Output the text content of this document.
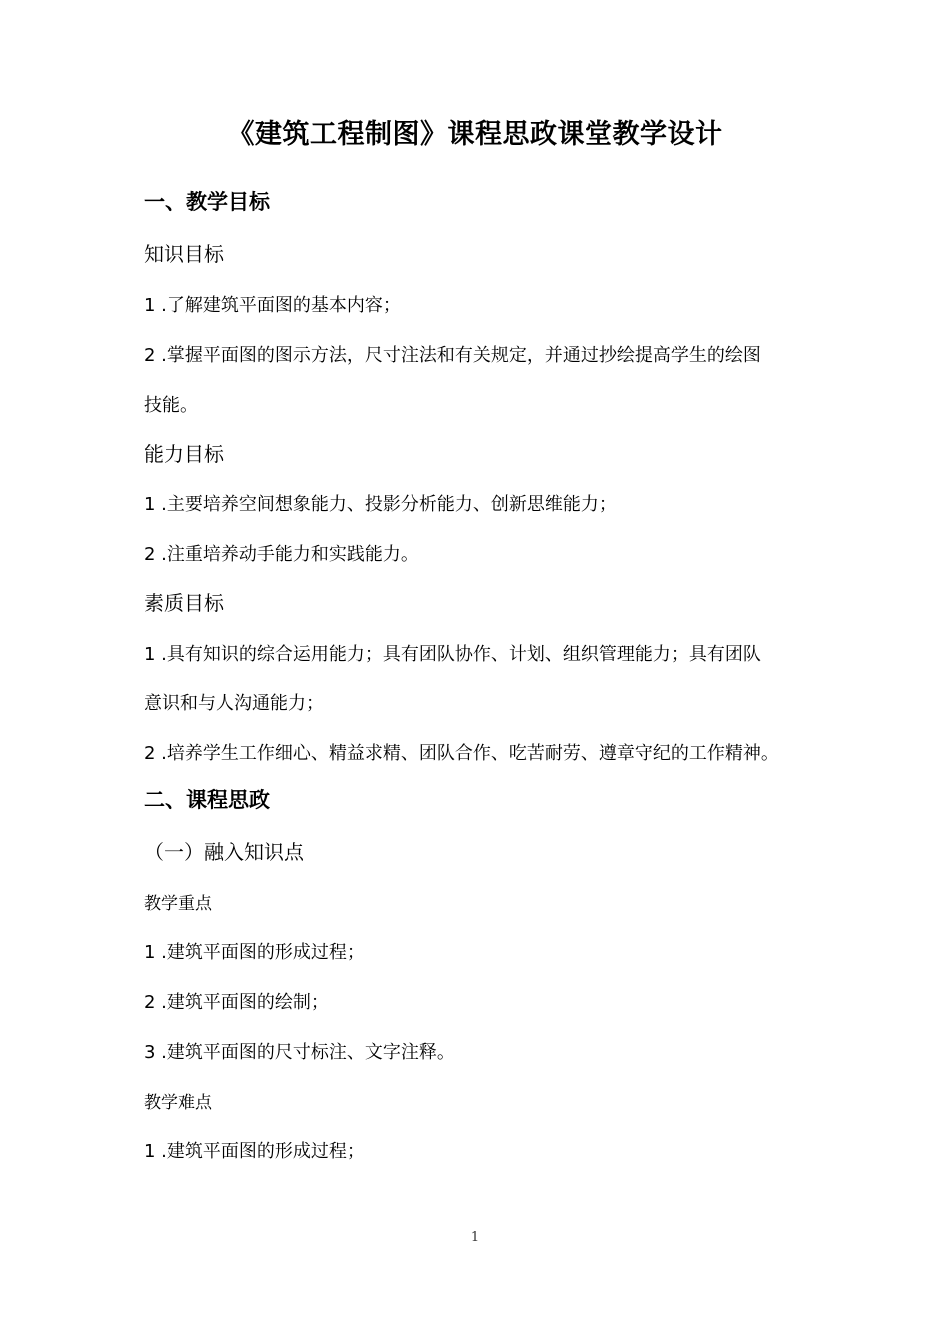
《建筑工程制图》课程思政课堂教学设计
一、教学目标
知识目标
1 .了解建筑平面图的基本内容；
2 .掌握平面图的图示方法，尺寸注法和有关规定，并通过抄绘提高学生的绘图
技能。
能力目标
1 .主要培养空间想象能力、投影分析能力、创新思维能力；
2 .注重培养动手能力和实践能力。
素质目标
1 .具有知识的综合运用能力；具有团队协作、计划、组织管理能力；具有团队
意识和与人沟通能力；
2 .培养学生工作细心、精益求精、团队合作、吃苦耐劳、遵章守纪的工作精神。
二、课程思政
（一）融入知识点
教学重点
1 .建筑平面图的形成过程；
2 .建筑平面图的绘制；
3 .建筑平面图的尺寸标注、文字注释。
教学难点
1 .建筑平面图的形成过程；
1
